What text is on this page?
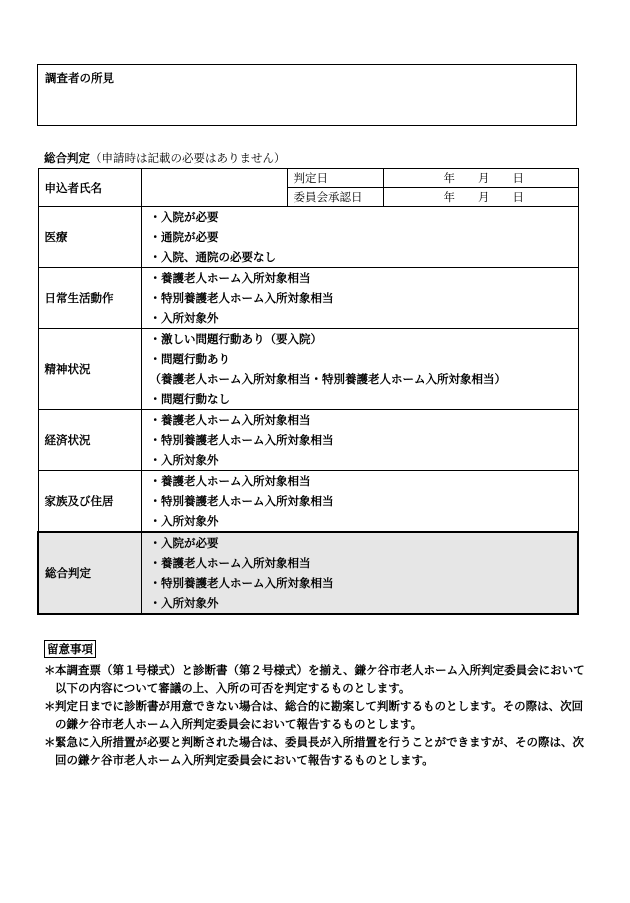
調査者の所見
総合判定（申請時は記載の必要はありません）
申込者氏名		判定日	年　　月　　日
		委員会承認日	年　　月　　日
医療	・入院が必要
・通院が必要
・入院、通院の必要なし		

日常生活動作	・養護老人ホーム入所対象相当
・特別養護老人ホーム入所対象相当
・入所対象外		

精神状況	・激しい問題行動あり（要入院）
・問題行動あり
（養護老人ホーム入所対象相当・特別養護老人ホーム入所対象相当）
・問題行動なし		

経済状況	・養護老人ホーム入所対象相当
・特別養護老人ホーム入所対象相当
・入所対象外		

家族及び住居	・養護老人ホーム入所対象相当
・特別養護老人ホーム入所対象相当
・入所対象外		

総合判定	・入院が必要
・養護老人ホーム入所対象相当
・特別養護老人ホーム入所対象相当
・入所対象外		
留意事項
＊ 本調査票（第１号様式）と診断書（第２号様式）を揃え、鎌ケ谷市老人ホーム入所判定委員会において以下の内容について審議の上、入所の可否を判定するものとします。
＊ 判定日までに診断書が用意できない場合は、総合的に勘案して判断するものとします。その際は、次回の鎌ケ谷市老人ホーム入所判定委員会において報告するものとします。
＊ 緊急に入所措置が必要と判断された場合は、委員長が入所措置を行うことができますが、その際は、次回の鎌ケ谷市老人ホーム入所判定委員会において報告するものとします。
